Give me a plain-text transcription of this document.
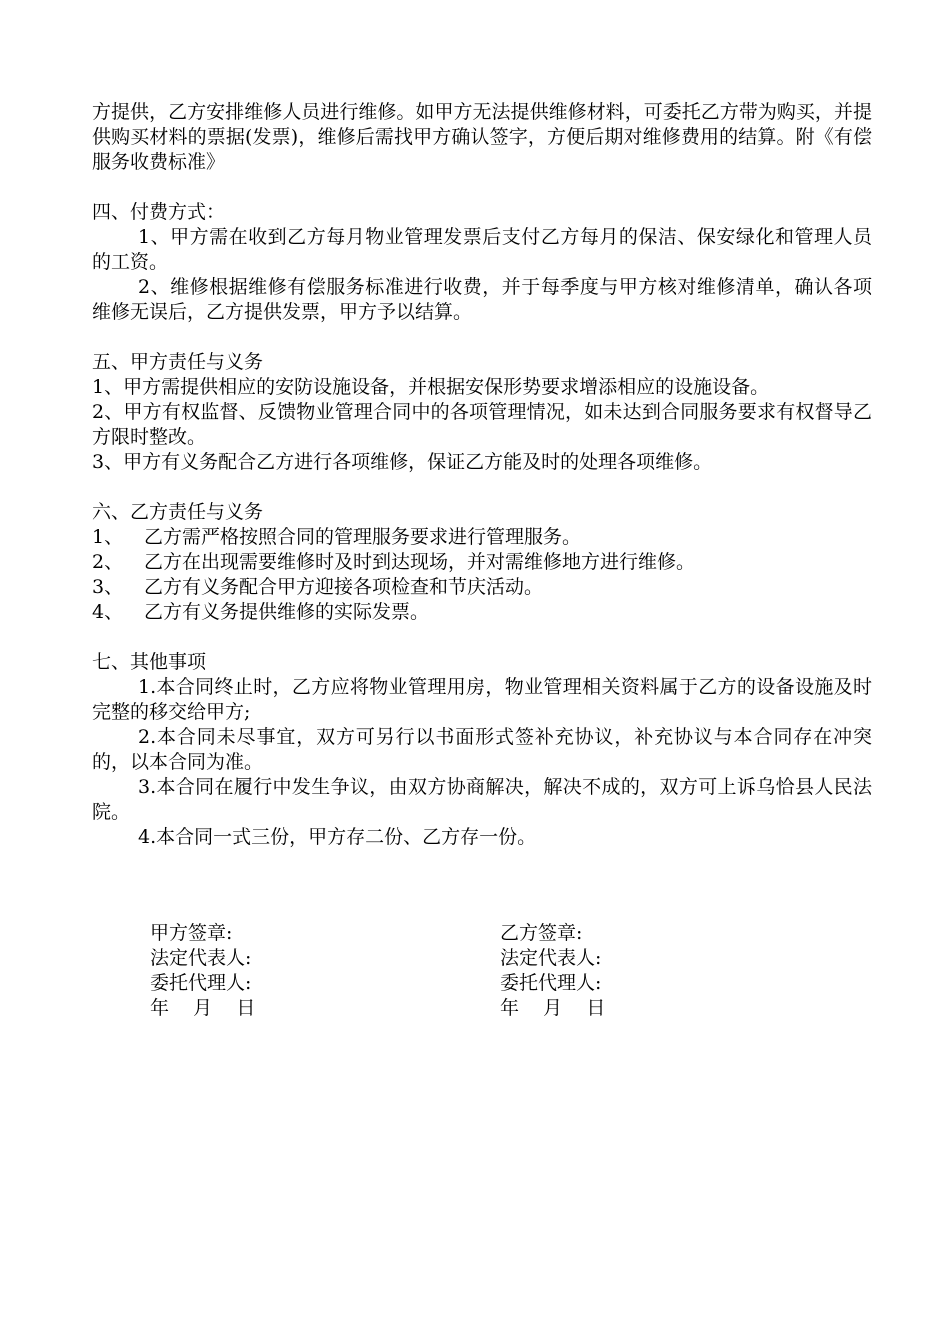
方提供，乙方安排维修人员进行维修。如甲方无法提供维修材料，可委托乙方带为购买，并提供购买材料的票据(发票)，维修后需找甲方确认签字，方便后期对维修费用的结算。附《有偿服务收费标准》

四、付费方式：

1、甲方需在收到乙方每月物业管理发票后支付乙方每月的保洁、保安绿化和管理人员的工资。

2、维修根据维修有偿服务标准进行收费，并于每季度与甲方核对维修清单，确认各项维修无误后，乙方提供发票，甲方予以结算。

五、甲方责任与义务

1、甲方需提供相应的安防设施设备，并根据安保形势要求增添相应的设施设备。

2、甲方有权监督、反馈物业管理合同中的各项管理情况，如未达到合同服务要求有权督导乙方限时整改。

3、甲方有义务配合乙方进行各项维修，保证乙方能及时的处理各项维修。

六、乙方责任与义务

1、	乙方需严格按照合同的管理服务要求进行管理服务。

2、	乙方在出现需要维修时及时到达现场，并对需维修地方进行维修。

3、	乙方有义务配合甲方迎接各项检查和节庆活动。

4、	乙方有义务提供维修的实际发票。

七、其他事项

1.本合同终止时，乙方应将物业管理用房，物业管理相关资料属于乙方的设备设施及时完整的移交给甲方;

2.本合同未尽事宜，双方可另行以书面形式签补充协议，补充协议与本合同存在冲突的，以本合同为准。

3.本合同在履行中发生争议，由双方协商解决，解决不成的，双方可上诉乌恰县人民法院。

4.本合同一式三份，甲方存二份、乙方存一份。

甲方签章:

法定代表人:

委托代理人:

年    月    日

乙方签章:

法定代表人:

委托代理人:

年    月    日
